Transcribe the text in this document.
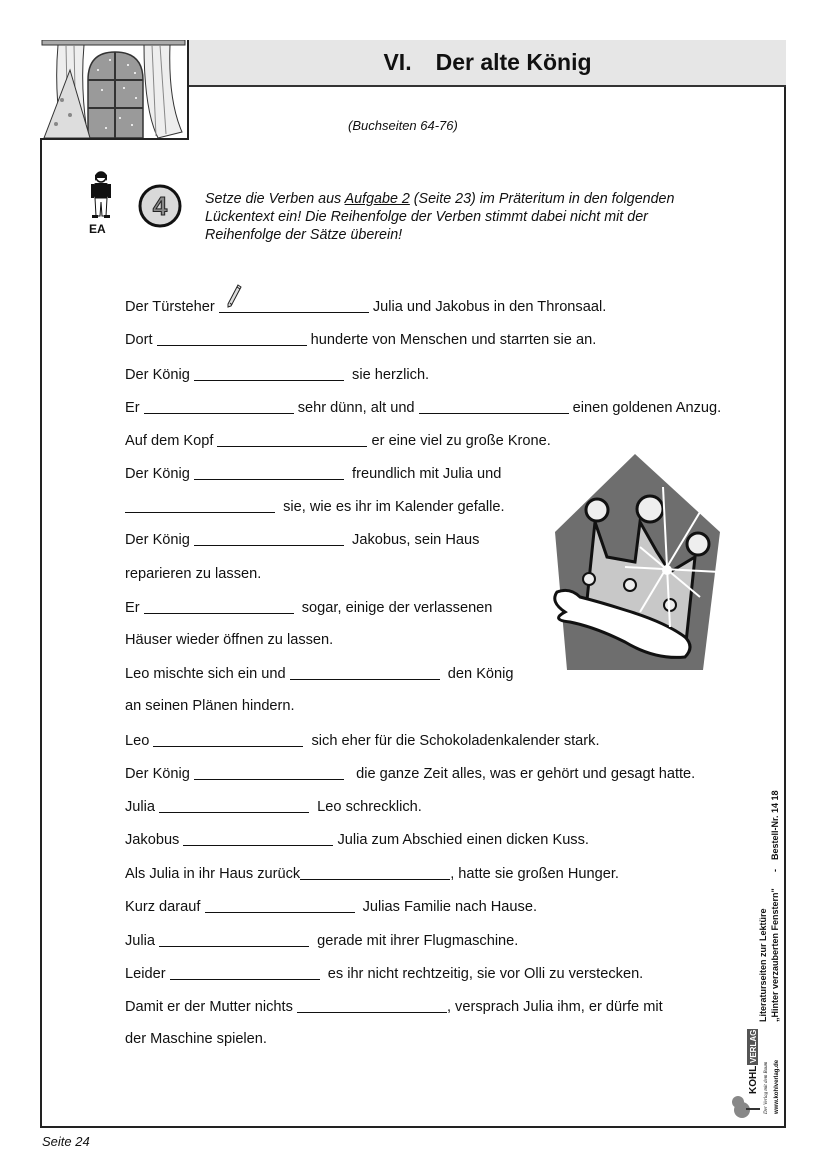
VI. Der alte König
(Buchseiten 64-76)
EA
4	Setze die Verben aus Aufgabe 2 (Seite 23) im Präteritum in den folgenden
Lückentext ein! Die Reihenfolge der Verben stimmt dabei nicht mit der
Reihenfolge der Sätze überein!
Der Türsteher	Julia und Jakobus in den Thronsaal.
Dort	hunderte von Menschen und starrten sie an.
Der König	sie herzlich.
Er	sehr dünn, alt und	einen goldenen Anzug.
Auf dem Kopf	er eine viel zu große Krone.
Der König	freundlich mit Julia und
sie, wie es ihr im Kalender gefalle.
Der König	Jakobus, sein Haus
reparieren zu lassen.
Er	sogar, einige der verlassenen
Häuser wieder öffnen zu lassen.
Leo mischte sich ein und	den König
an seinen Plänen hindern.
Leo	sich eher für die Schokoladenkalender stark.
Der König	die ganze Zeit alles, was er gehört und gesagt hatte.
Julia	Leo schrecklich.
Jakobus	Julia zum Abschied einen dicken Kuss.
Als Julia in ihr Haus zurück	, hatte sie großen Hunger.
Kurz darauf	Julias Familie nach Hause.
Julia	gerade mit ihrer Flugmaschine.
Leider	es ihr nicht rechtzeitig, sie vor Olli zu verstecken.
Damit er der Mutter nichts	, versprach Julia ihm, er dürfe mit
der Maschine spielen.
KOHL
VERLAG
Der Verlag mit dem Baum www.kohlverlag.de
Literaturseiten zur Lektüre „Hinter verzauberten Fenstern"
-
Bestell-Nr. 14 186
Seite 24
